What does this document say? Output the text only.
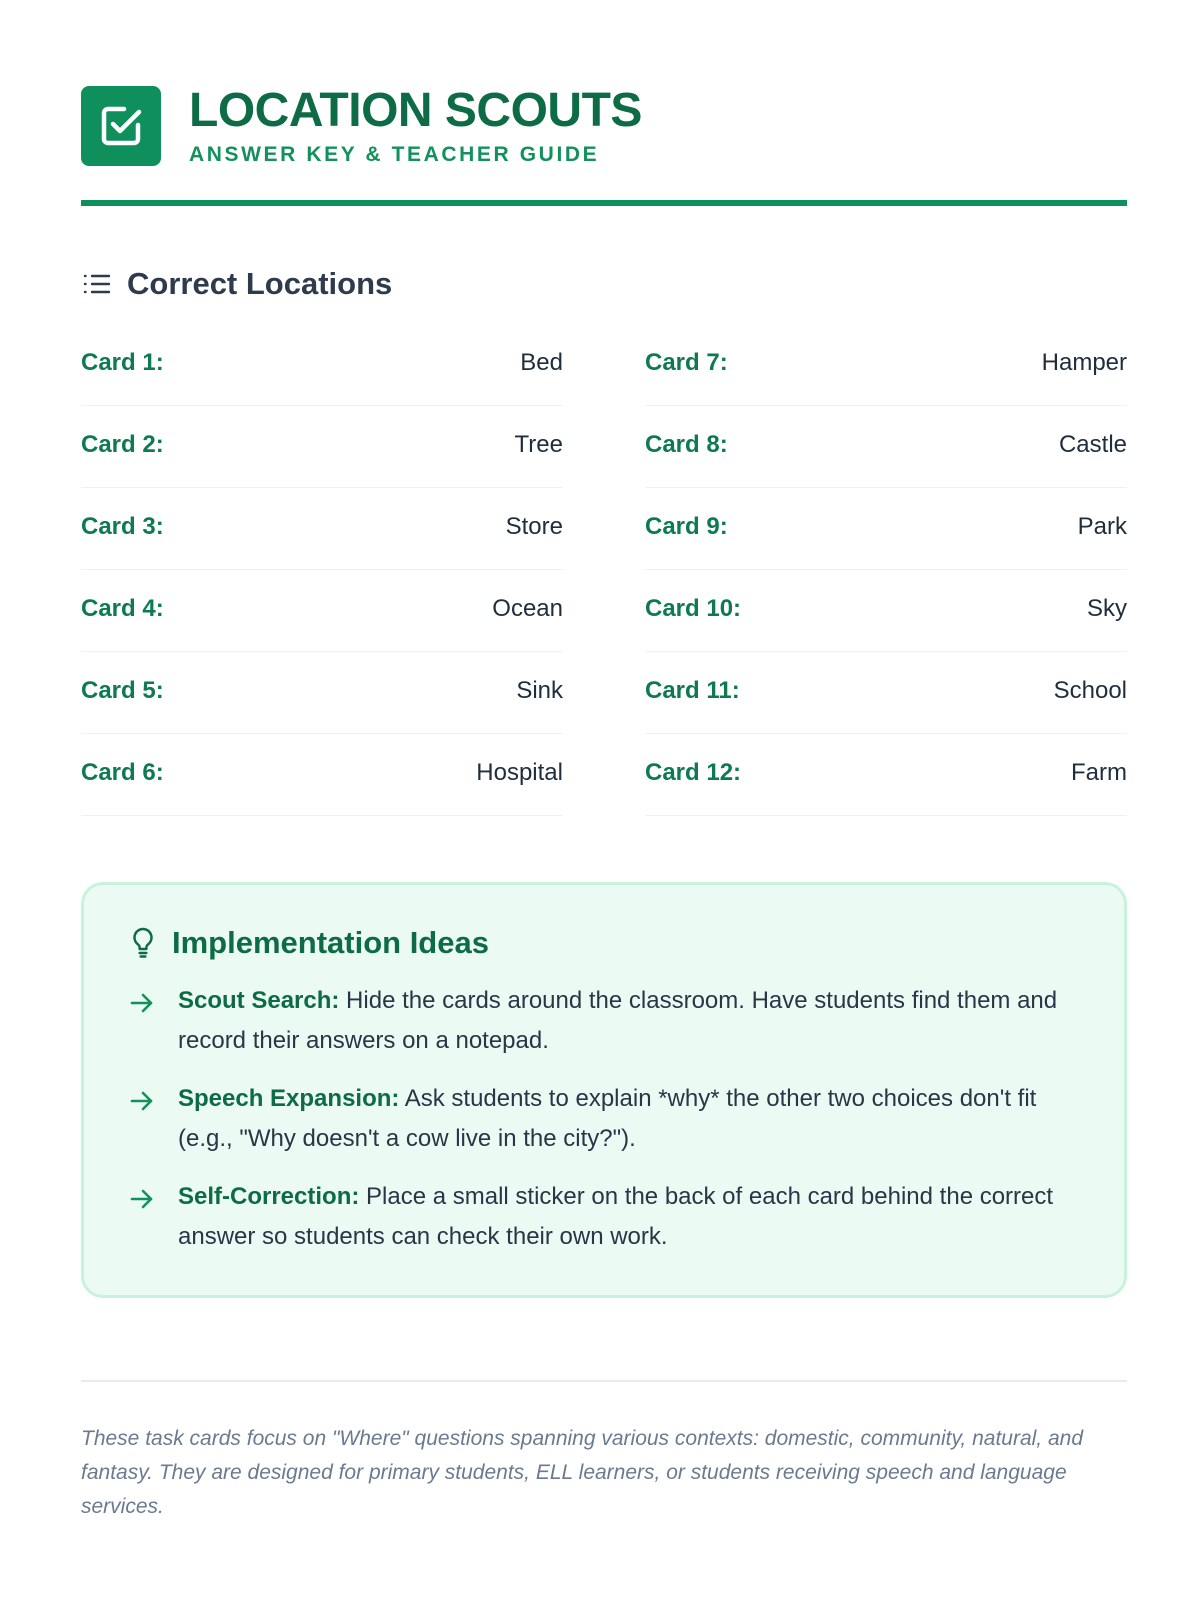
LOCATION SCOUTS
ANSWER KEY & TEACHER GUIDE
Correct Locations
Card 1:	Bed
Card 2:	Tree
Card 3:	Store
Card 4:	Ocean
Card 5:	Sink
Card 6:	Hospital
Card 7:	Hamper
Card 8:	Castle
Card 9:	Park
Card 10:	Sky
Card 11:	School
Card 12:	Farm
Implementation Ideas
Scout Search: Hide the cards around the classroom. Have students find them and record their answers on a notepad.
Speech Expansion: Ask students to explain *why* the other two choices don't fit (e.g., "Why doesn't a cow live in the city?").
Self-Correction: Place a small sticker on the back of each card behind the correct answer so students can check their own work.

These task cards focus on "Where" questions spanning various contexts: domestic, community, natural, and fantasy. They are designed for primary students, ELL learners, or students receiving speech and language services.
